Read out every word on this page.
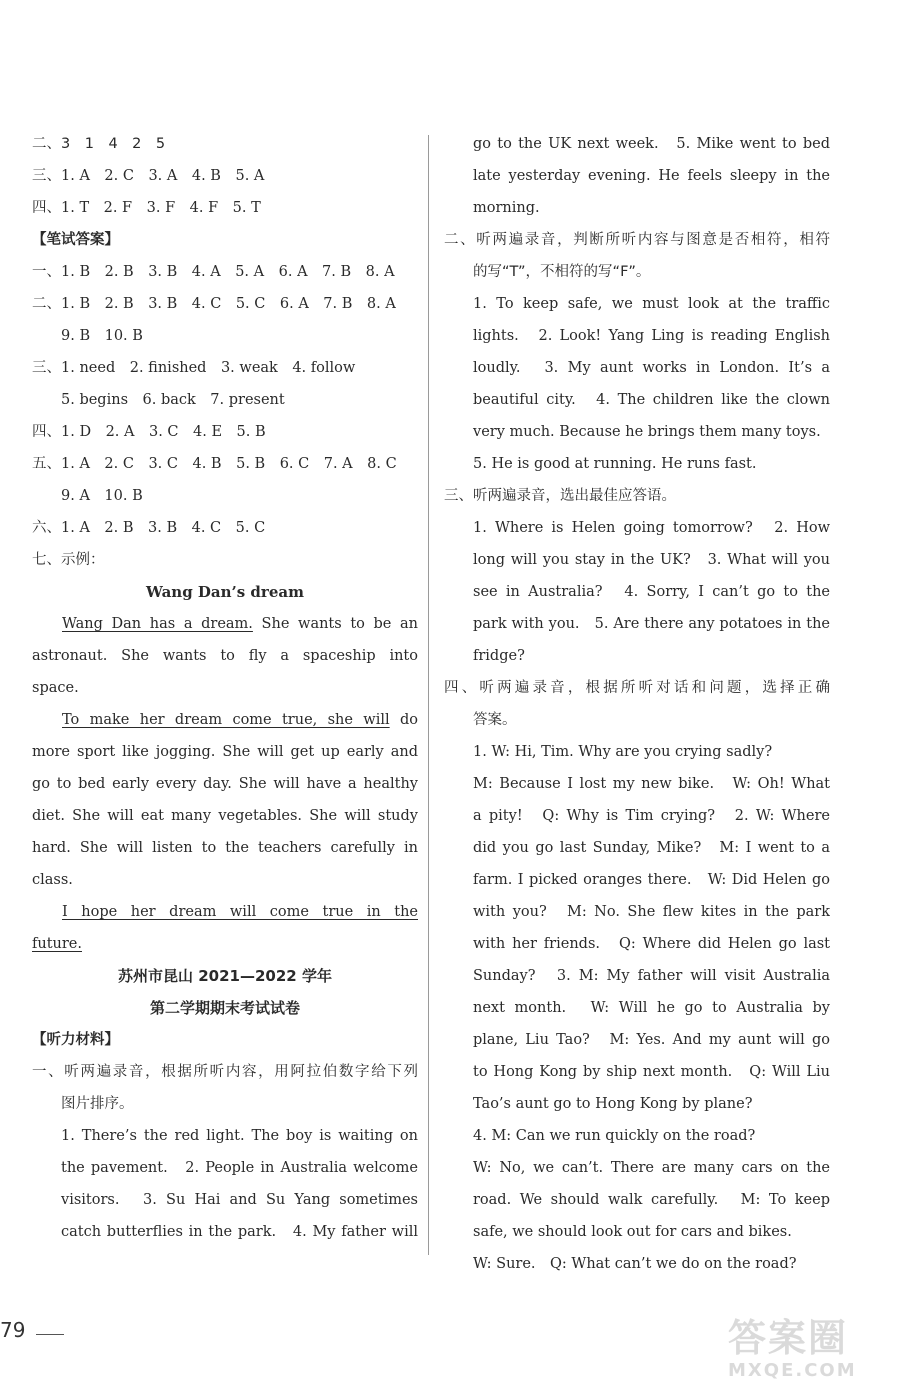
二、3　1　4　2　5
三、1. A　2. C　3. A　4. B　5. A
四、1. T　2. F　3. F　4. F　5. T
【笔试答案】
一、1. B　2. B　3. B　4. A　5. A　6. A　7. B　8. A
二、1. B　2. B　3. B　4. C　5. C　6. A　7. B　8. A
9. B　10. B
三、1. need　2. finished　3. weak　4. follow
5. begins　6. back　7. present
四、1. D　2. A　3. C　4. E　5. B
五、1. A　2. C　3. C　4. B　5. B　6. C　7. A　8. C
9. A　10. B
六、1. A　2. B　3. B　4. C　5. C
七、示例：
Wang Dan’s dream
Wang Dan has a dream. She wants to be an
astronaut. She wants to fly a spaceship into
space.
To make her dream come true, she will do
more sport like jogging. She will get up early and
go to bed early every day. She will have a healthy
diet. She will eat many vegetables. She will study
hard. She will listen to the teachers carefully in
class.
I hope her dream will come true in the
future.
苏州市昆山 2021—2022 学年
第二学期期末考试试卷
【听力材料】
一、听两遍录音，根据所听内容，用阿拉伯数字给下列
图片排序。
1. There’s the red light. The boy is waiting on
the pavement.　2. People in Australia welcome
visitors.　3. Su Hai and Su Yang sometimes
catch butterflies in the park.　4. My father will
go to the UK next week.　5. Mike went to bed
late yesterday evening. He feels sleepy in the
morning.
二、听两遍录音，判断所听内容与图意是否相符，相符
的写“T”，不相符的写“F”。
1. To keep safe, we must look at the traffic
lights.　2. Look! Yang Ling is reading English
loudly.　3. My aunt works in London. It’s a
beautiful city.　4. The children like the clown
very much. Because he brings them many toys.
5. He is good at running. He runs fast.
三、听两遍录音，选出最佳应答语。
1. Where is Helen going tomorrow?　2. How
long will you stay in the UK?　3. What will you
see in Australia?　4. Sorry, I can’t go to the
park with you.　5. Are there any potatoes in the
fridge?
四、听两遍录音，根据所听对话和问题，选择正确
答案。
1. W: Hi, Tim. Why are you crying sadly?
M: Because I lost my new bike.　W: Oh! What
a pity!　Q: Why is Tim crying?　2. W: Where
did you go last Sunday, Mike?　M: I went to a
farm. I picked oranges there.　W: Did Helen go
with you?　M: No. She flew kites in the park
with her friends.　Q: Where did Helen go last
Sunday?　3. M: My father will visit Australia
next month.　W: Will he go to Australia by
plane, Liu Tao?　M: Yes. And my aunt will go
to Hong Kong by ship next month.　Q: Will Liu
Tao’s aunt go to Hong Kong by plane?
4. M: Can we run quickly on the road?
W: No, we can’t. There are many cars on the
road. We should walk carefully.　M: To keep
safe, we should look out for cars and bikes.
W: Sure.　Q: What can’t we do on the road?
79	答案圈
MXQE.COM
